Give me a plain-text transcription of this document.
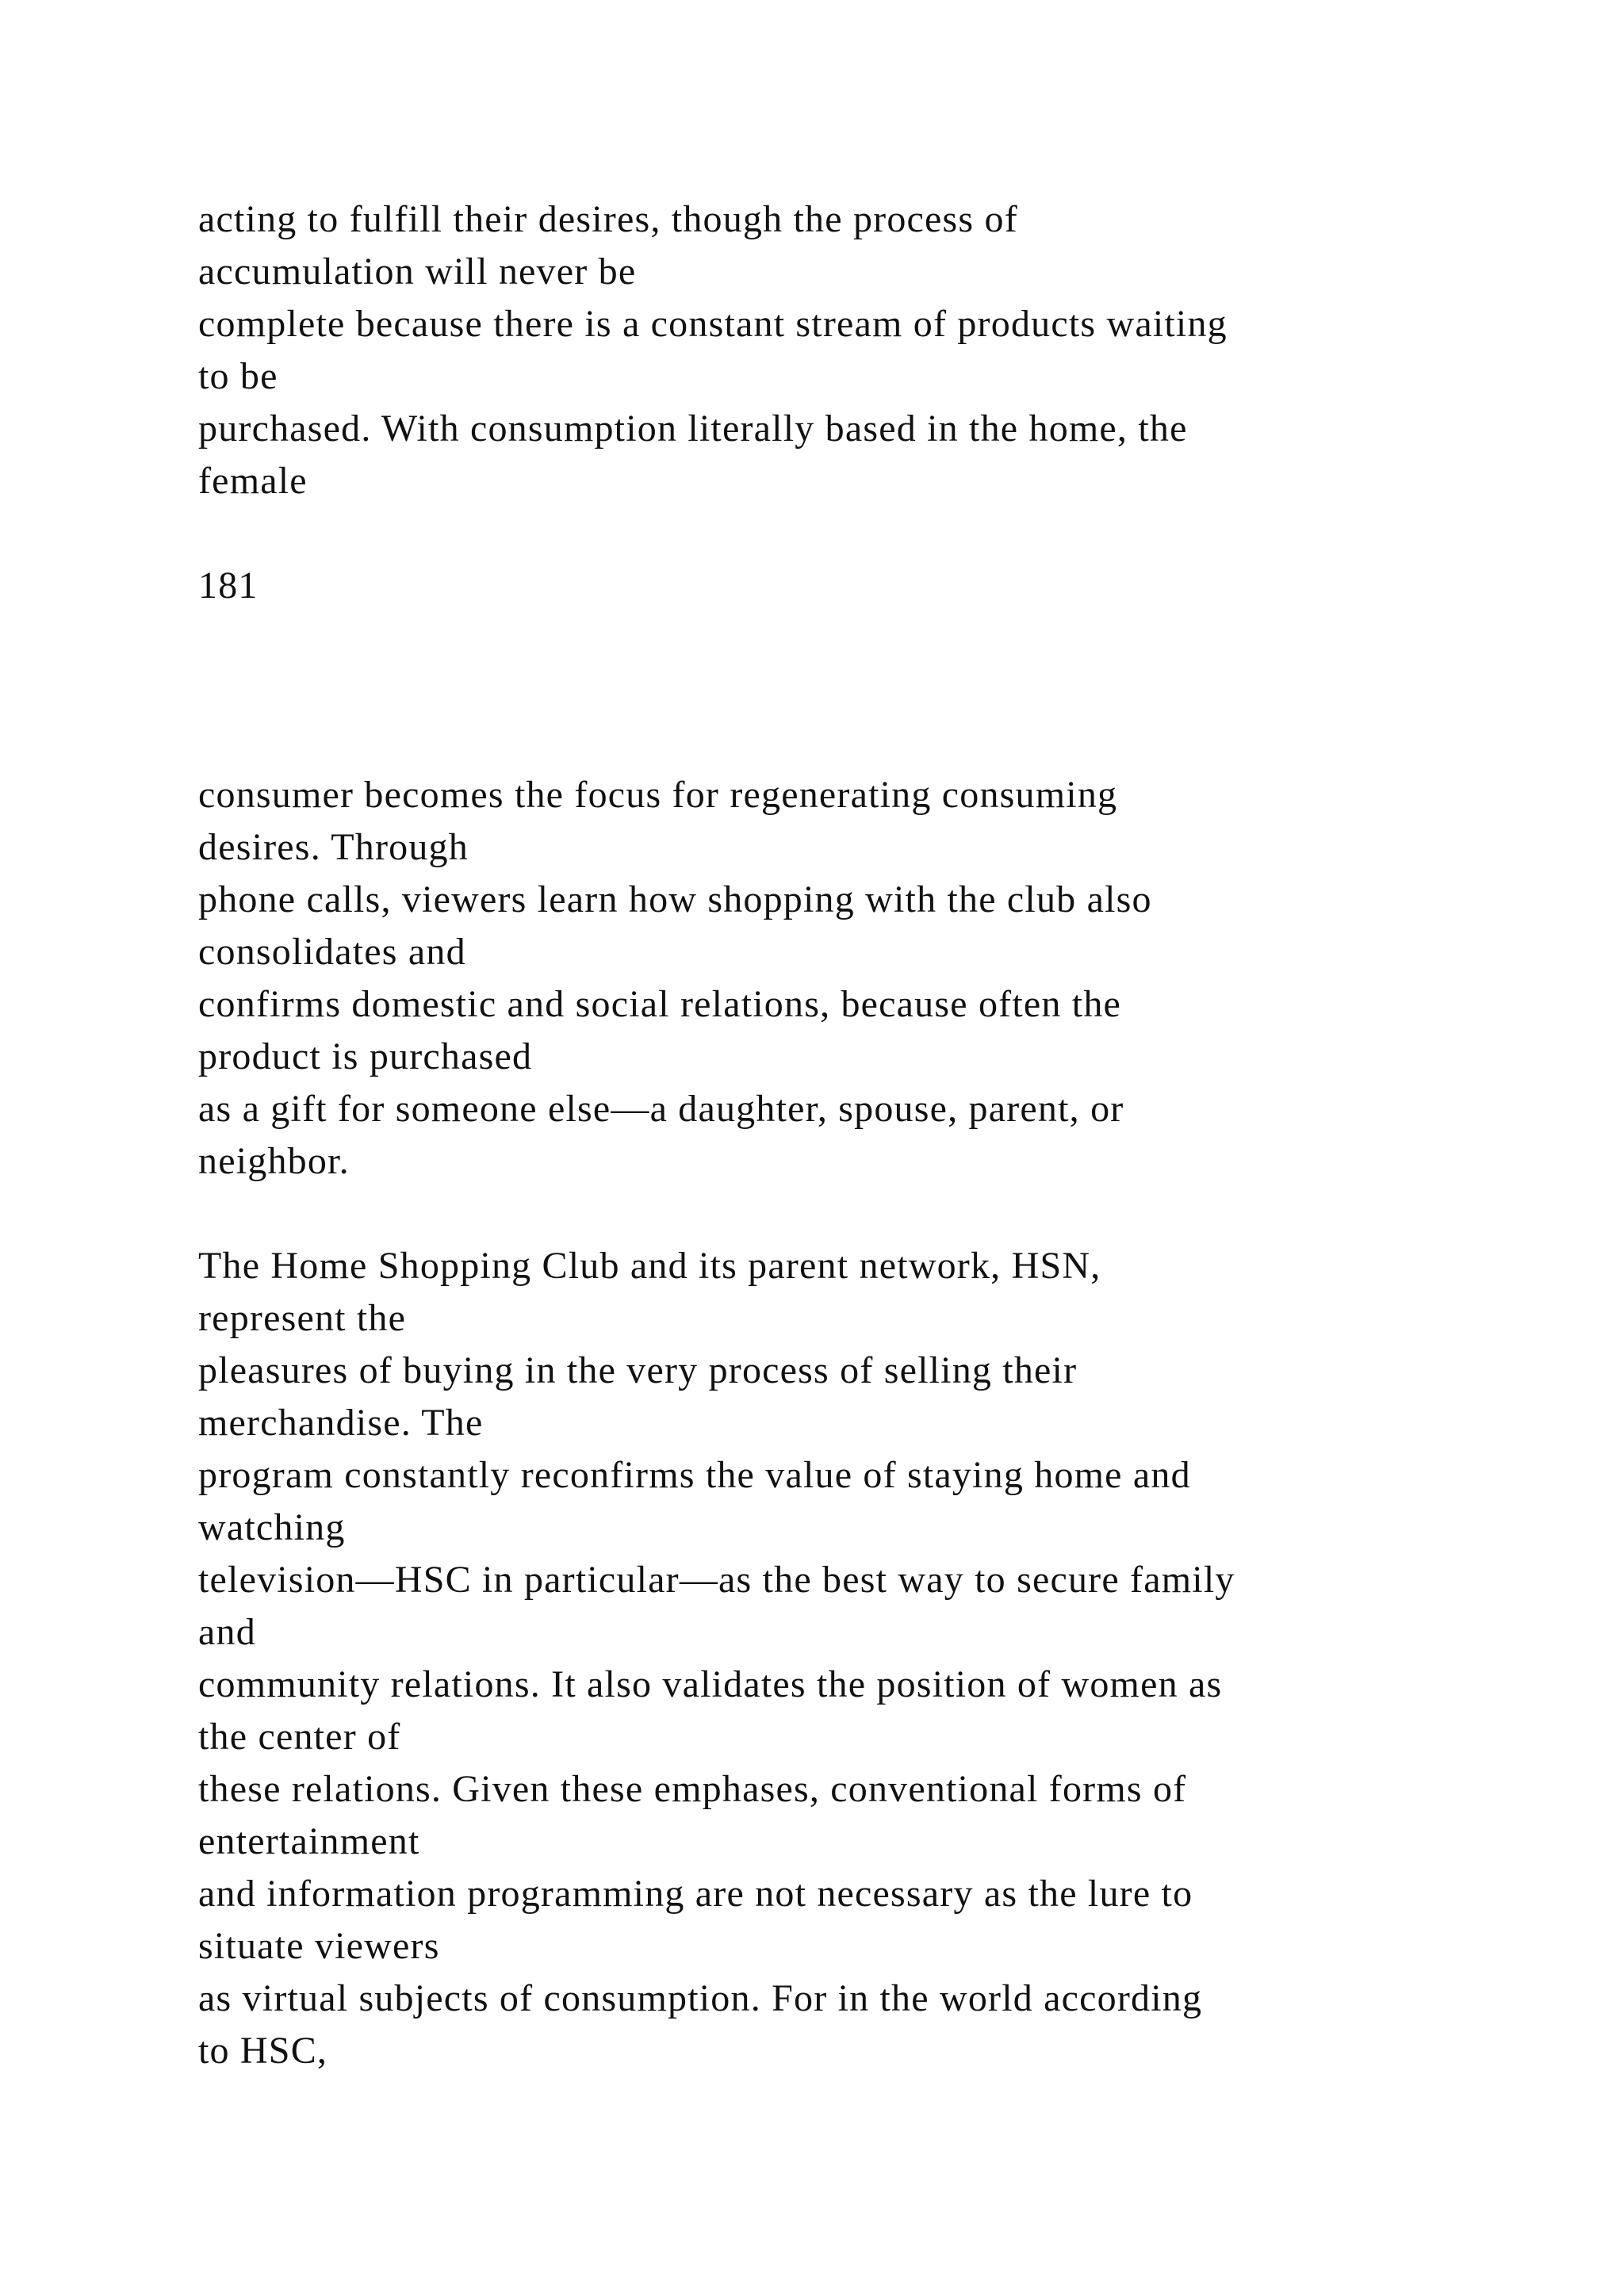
acting to fulfill their desires, though the process of
accumulation will never be
complete because there is a constant stream of products waiting
to be
purchased. With consumption literally based in the home, the
female
181
consumer becomes the focus for regenerating consuming
desires. Through
phone calls, viewers learn how shopping with the club also
consolidates and
confirms domestic and social relations, because often the
product is purchased
as a gift for someone else—a daughter, spouse, parent, or
neighbor.
The Home Shopping Club and its parent network, HSN,
represent the
pleasures of buying in the very process of selling their
merchandise. The
program constantly reconfirms the value of staying home and
watching
television—HSC in particular—as the best way to secure family
and
community relations. It also validates the position of women as
the center of
these relations. Given these emphases, conventional forms of
entertainment
and information programming are not necessary as the lure to
situate viewers
as virtual subjects of consumption. For in the world according
to HSC,
